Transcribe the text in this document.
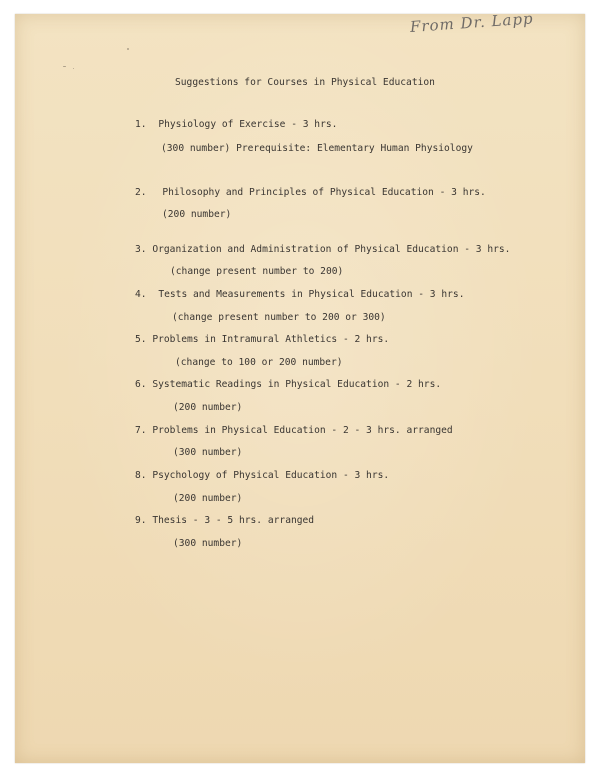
From Dr. Lapp
Suggestions for Courses in Physical Education
1. Physiology of Exercise - 3 hrs.
(300 number) Prerequisite: Elementary Human Physiology
2. Philosophy and Principles of Physical Education - 3 hrs.
(200 number)
3. Organization and Administration of Physical Education - 3 hrs.
(change present number to 200)
4. Tests and Measurements in Physical Education - 3 hrs.
(change present number to 200 or 300)
5. Problems in Intramural Athletics - 2 hrs.
(change to 100 or 200 number)
6. Systematic Readings in Physical Education - 2 hrs.
(200 number)
7. Problems in Physical Education - 2 - 3 hrs. arranged
(300 number)
8. Psychology of Physical Education - 3 hrs.
(200 number)
9. Thesis - 3 - 5 hrs. arranged
(300 number)
